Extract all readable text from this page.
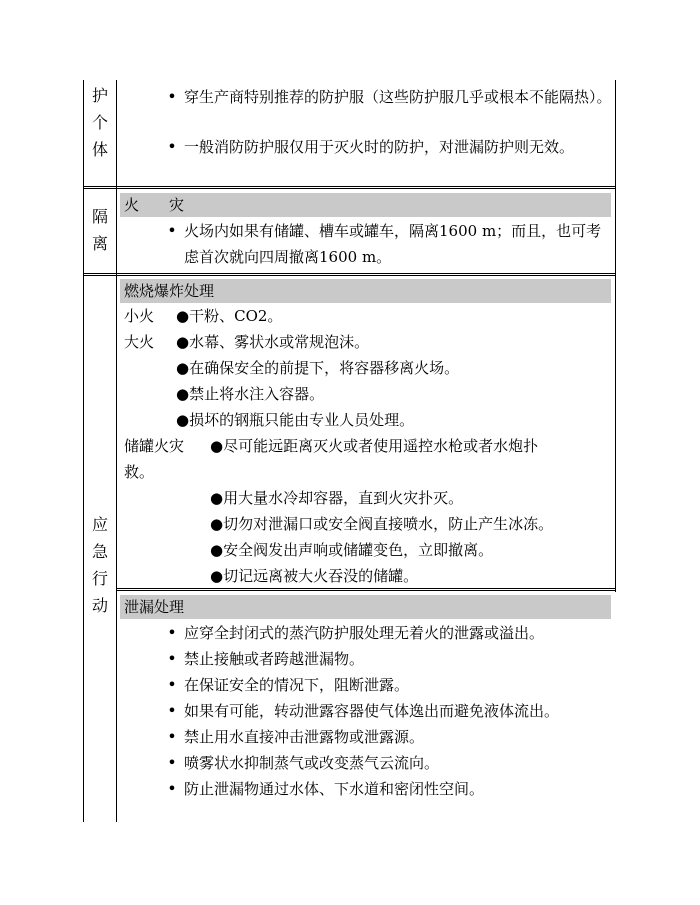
护
个
体
• 穿生产商特别推荐的防护服（这些防护服几乎或根本不能隔热）。
• 一般消防防护服仅用于灭火时的防护，对泄漏防护则无效。
隔
离
火　　灾
• 火场内如果有储罐、槽车或罐车，隔离1600 m；而且，也可考虑首次就向四周撤离1600 m。
应
急
行
动
燃烧爆炸处理
小火 ●干粉、CO2。
大火 ●水幕、雾状水或常规泡沫。
●在确保安全的前提下，将容器移离火场。
●禁止将水注入容器。
●损坏的钢瓶只能由专业人员处理。
储罐火灾 ●尽可能远距离灭火或者使用遥控水枪或者水炮扑
救。
●用大量水冷却容器，直到火灾扑灭。
●切勿对泄漏口或安全阀直接喷水，防止产生冰冻。
●安全阀发出声响或储罐变色，立即撤离。
●切记远离被大火吞没的储罐。
泄漏处理
• 应穿全封闭式的蒸汽防护服处理无着火的泄露或溢出。
• 禁止接触或者跨越泄漏物。
• 在保证安全的情况下，阻断泄露。
• 如果有可能，转动泄露容器使气体逸出而避免液体流出。
• 禁止用水直接冲击泄露物或泄露源。
• 喷雾状水抑制蒸气或改变蒸气云流向。
• 防止泄漏物通过水体、下水道和密闭性空间。
